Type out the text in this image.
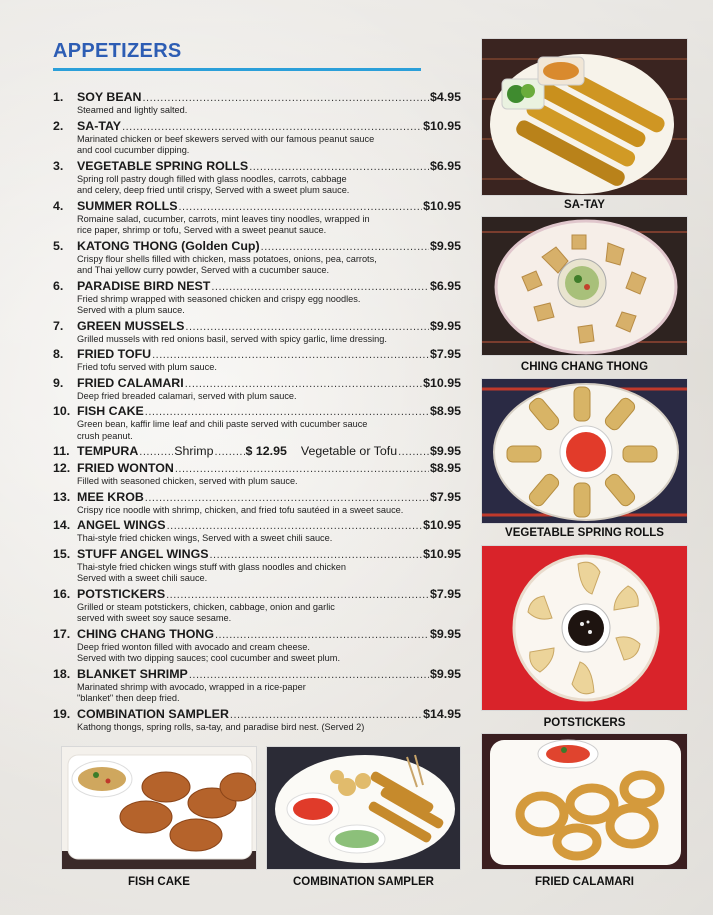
APPETIZERS
1.	SOY BEAN .....	$4.95
Steamed and lightly salted.
2.	SA-TAY .....	$10.95
Marinated chicken or beef skewers served with our famous peanut sauce
and cool cucumber dipping.
3.	VEGETABLE SPRING ROLLS .....	$6.95
Spring roll pastry dough filled with glass noodles, carrots, cabbage
and celery, deep fried until crispy, Served with a sweet plum sauce.
4.	SUMMER ROLLS .....	$10.95
Romaine salad, cucumber, carrots, mint leaves tiny noodles, wrapped in
rice paper, shrimp or tofu, Served with a sweet peanut sauce.
5.	KATONG THONG (Golden Cup) .....	$9.95
Crispy flour shells filled with chicken, mass potatoes, onions, pea, carrots,
and Thai yellow curry powder, Served with a cucumber sauce.
6.	PARADISE BIRD NEST .....	$6.95
Fried shrimp wrapped with seasoned chicken and crispy egg noodles.
Served with a plum sauce.
7.	GREEN MUSSELS .....	$9.95
Grilled mussels with red onions basil, served with spicy garlic, lime dressing.
8.	FRIED TOFU .....	$7.95
Fried tofu served with plum sauce.
9.	FRIED CALAMARI .....	$10.95
Deep fried breaded calamari, served with plum sauce.
10. FISH CAKE .....	$8.95
Green bean, kaffir lime leaf and chili paste served with cucumber sauce
crush peanut.
11. TEMPURA .....	Shrimp .....	$ 12.95 Vegetable or Tofu .....	$9.95
12. FRIED WONTON .....	$8.95
Filled with seasoned chicken, served with plum sauce.
13. MEE KROB .....	$7.95
Crispy rice noodle with shrimp, chicken, and fried tofu sautéed in a sweet sauce.
14. ANGEL WINGS .....	$10.95
Thai-style fried chicken wings, Served with a sweet chili sauce.
15. STUFF ANGEL WINGS .....	$10.95
Thai-style fried chicken wings stuff with glass noodles and chicken
Served with a sweet chili sauce.
16. POTSTICKERS .....	$7.95
Grilled or steam potstickers, chicken, cabbage, onion and garlic
served with sweet soy sauce sesame.
17. CHING CHANG THONG .....	$9.95
Deep fried wonton filled with avocado and cream cheese.
Served with two dipping sauces; cool cucumber and sweet plum.
18. BLANKET SHRIMP .....	$9.95
Marinated shrimp with avocado, wrapped in a rice-paper
"blanket" then deep fried.
19. COMBINATION SAMPLER .....	$14.95
Kathong thongs, spring rolls, sa-tay, and paradise bird nest. (Served 2)
SA-TAY
CHING CHANG THONG
VEGETABLE SPRING ROLLS
POTSTICKERS
FRIED CALAMARI
FISH CAKE	COMBINATION SAMPLER
